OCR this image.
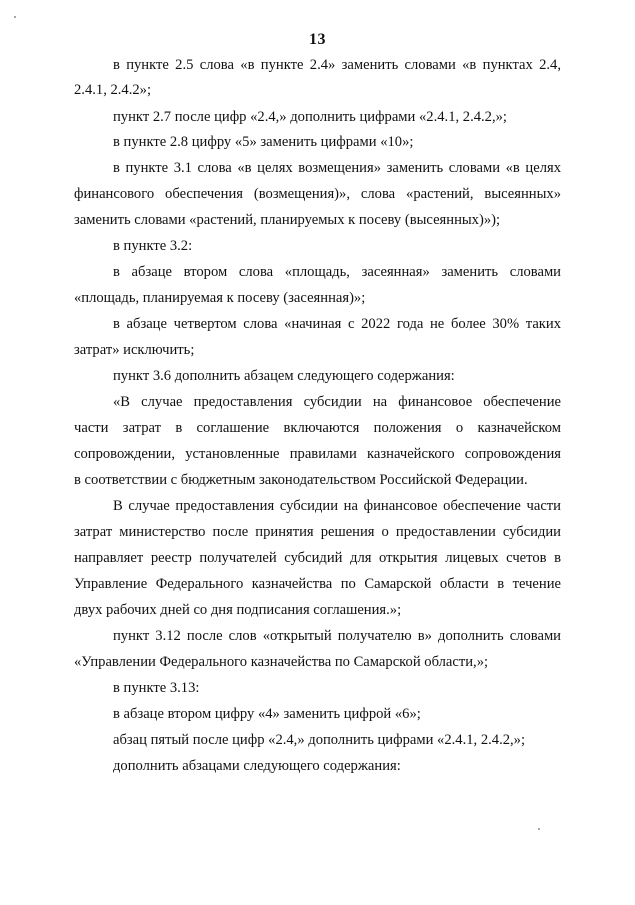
13
в пункте 2.5 слова «в пункте 2.4» заменить словами «в пунктах 2.4,
2.4.1, 2.4.2»;
пункт 2.7 после цифр «2.4,» дополнить цифрами «2.4.1, 2.4.2,»;
в пункте 2.8 цифру «5» заменить цифрами «10»;
в пункте 3.1 слова «в целях возмещения» заменить словами «в целях
финансового обеспечения (возмещения)», слова «растений, высеянных»
заменить словами «растений, планируемых к посеву (высеянных)»);
в пункте 3.2:
в абзаце втором слова «площадь, засеянная» заменить словами
«площадь, планируемая к посеву (засеянная)»;
в абзаце четвертом слова «начиная с 2022 года не более 30% таких
затрат» исключить;
пункт 3.6 дополнить абзацем следующего содержания:
«В случае предоставления субсидии на финансовое обеспечение
части затрат в соглашение включаются положения о казначейском
сопровождении, установленные правилами казначейского сопровождения
в соответствии с бюджетным законодательством Российской Федерации.
В случае предоставления субсидии на финансовое обеспечение части
затрат министерство после принятия решения о предоставлении субсидии
направляет реестр получателей субсидий для открытия лицевых счетов в
Управление Федерального казначейства по Самарской области в течение
двух рабочих дней со дня подписания соглашения.»;
пункт 3.12 после слов «открытый получателю в» дополнить словами
«Управлении Федерального казначейства по Самарской области,»;
в пункте 3.13:
в абзаце втором цифру «4» заменить цифрой «6»;
абзац пятый после цифр «2.4,» дополнить цифрами «2.4.1, 2.4.2,»;
дополнить абзацами следующего содержания:
